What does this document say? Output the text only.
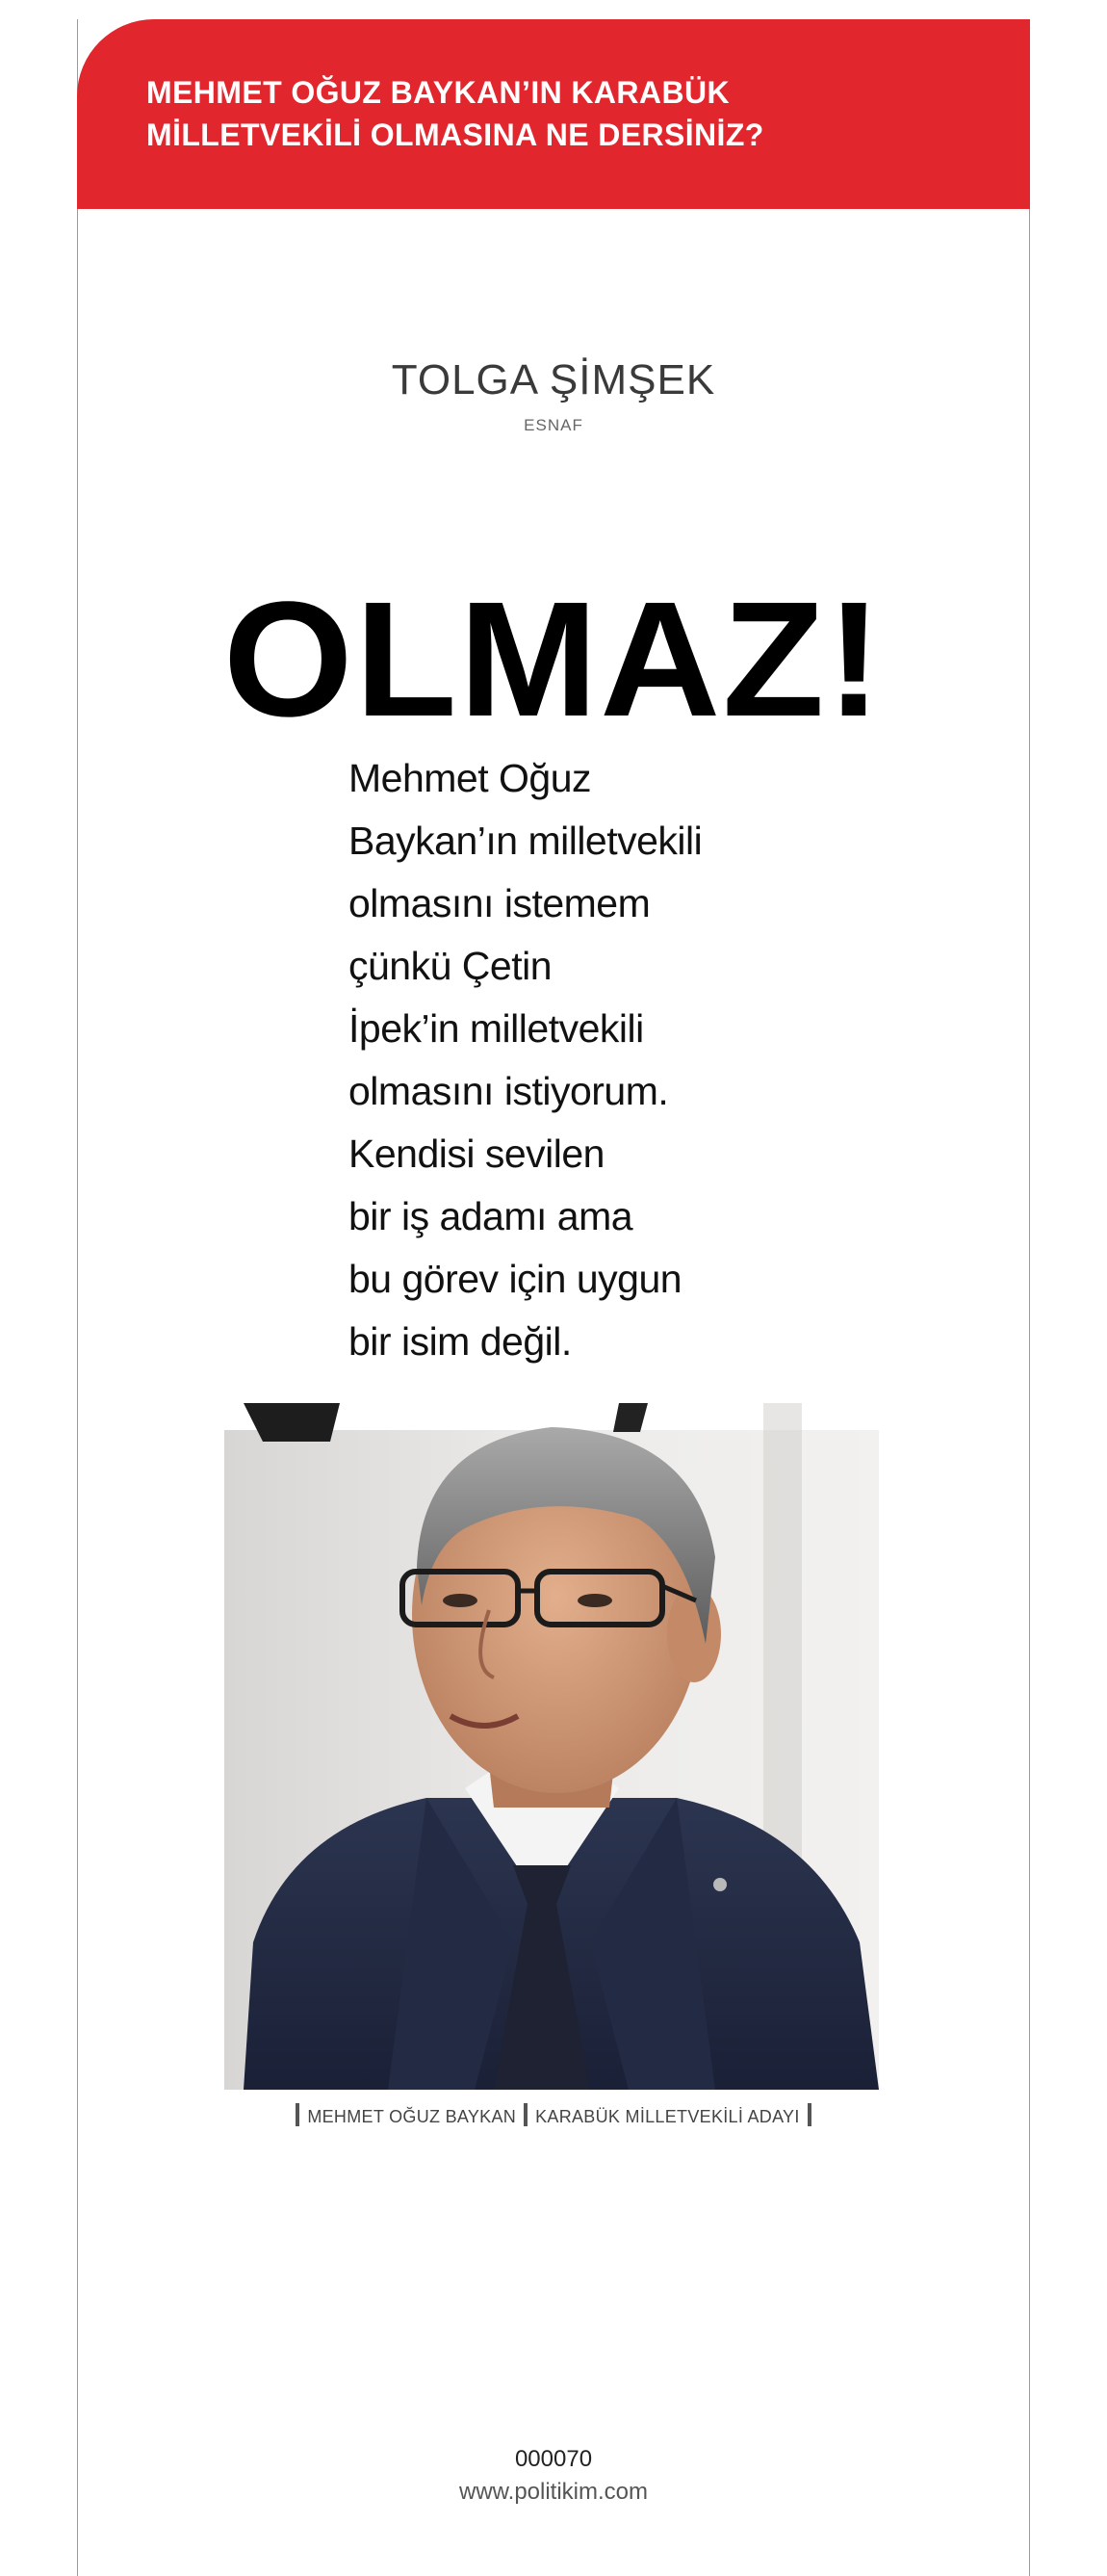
MEHMET OĞUZ BAYKAN’IN KARABÜK
MİLLETVEKİLİ OLMASINA NE DERSİNİZ?
TOLGA ŞİMŞEK
ESNAF
OLMAZ!
Mehmet Oğuz
Baykan’ın milletvekili
olmasını istemem
çünkü Çetin
İpek’in milletvekili
olmasını istiyorum.
Kendisi sevilen
bir iş adamı ama
bu görev için uygun
bir isim değil.
MEHMET OĞUZ BAYKAN KARABÜK MİLLETVEKİLİ ADAYI
000070
www.politikim.com
